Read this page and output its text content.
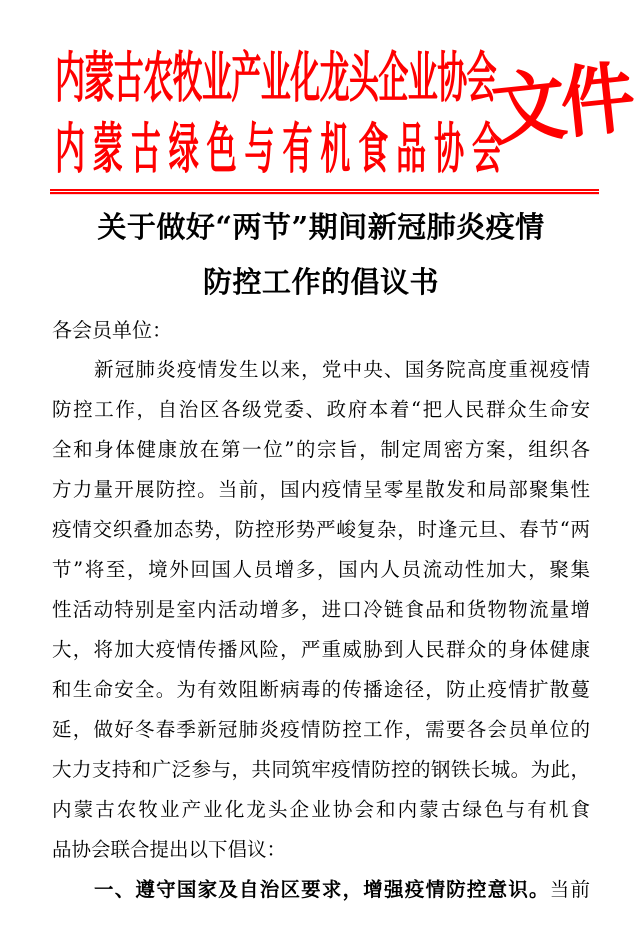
内蒙古农牧业产业化龙头企业协会
内蒙古绿色与有机食品协会
文件
关于做好“两节”期间新冠肺炎疫情
防控工作的倡议书

各会员单位：

新冠肺炎疫情发生以来，党中央、国务院高度重视疫情
防控工作，自治区各级党委、政府本着“把人民群众生命安
全和身体健康放在第一位”的宗旨，制定周密方案，组织各
方力量开展防控。当前，国内疫情呈零星散发和局部聚集性
疫情交织叠加态势，防控形势严峻复杂，时逢元旦、春节“两
节”将至，境外回国人员增多，国内人员流动性加大，聚集
性活动特别是室内活动增多，进口冷链食品和货物物流量增
大，将加大疫情传播风险，严重威胁到人民群众的身体健康
和生命安全。为有效阻断病毒的传播途径，防止疫情扩散蔓
延，做好冬春季新冠肺炎疫情防控工作，需要各会员单位的
大力支持和广泛参与，共同筑牢疫情防控的钢铁长城。为此，
内蒙古农牧业产业化龙头企业协会和内蒙古绿色与有机食
品协会联合提出以下倡议：
一、遵守国家及自治区要求，增强疫情防控意识。当前
